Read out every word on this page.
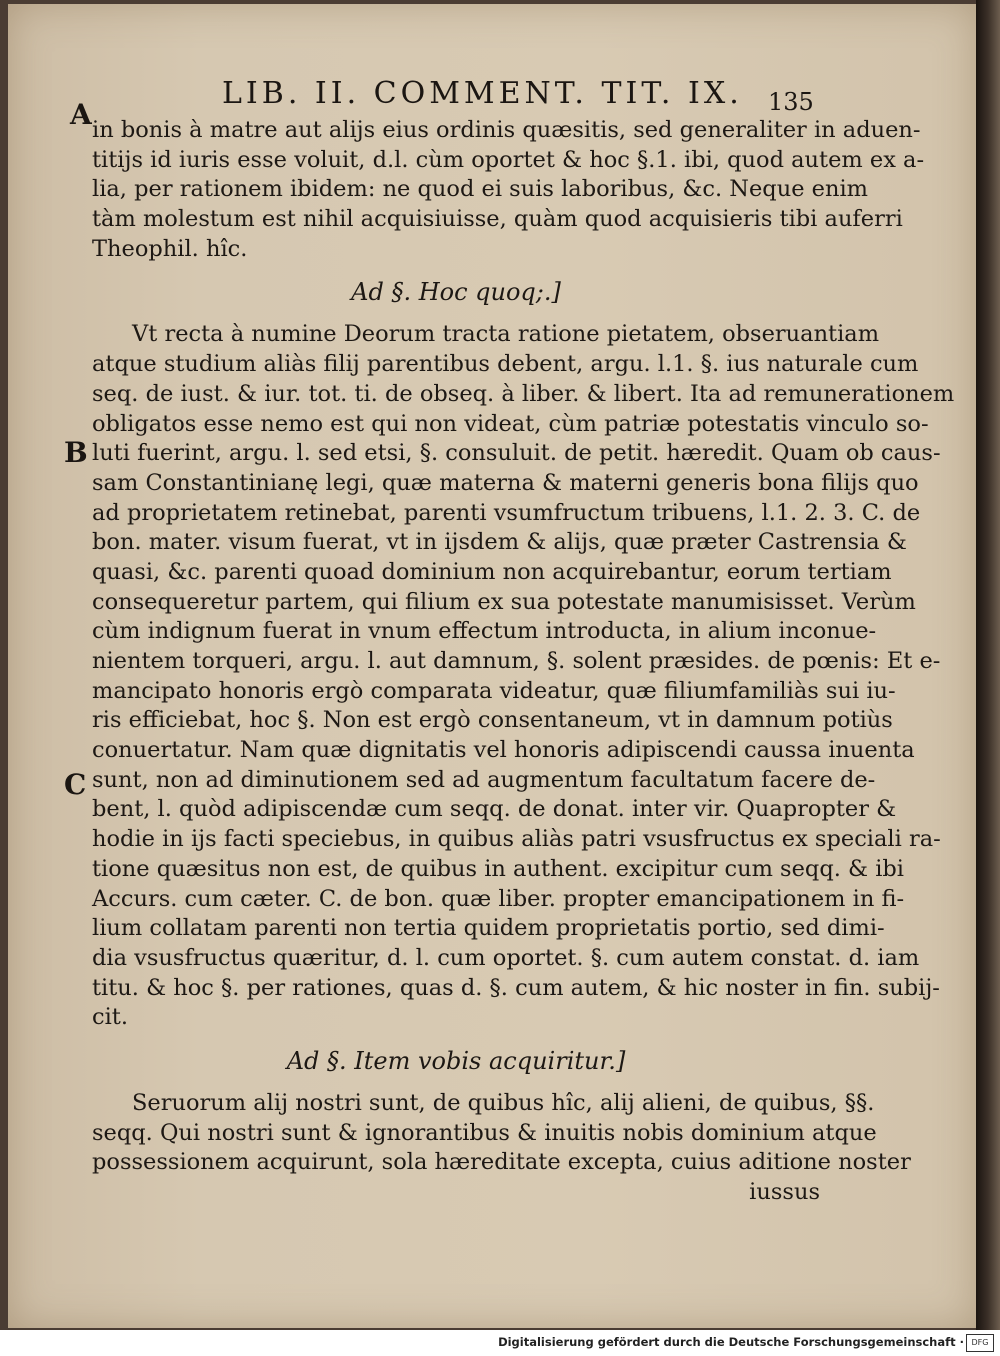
LIB. II. COMMENT. TIT. IX.	135
A
B
C
in bonis à matre aut alijs eius ordinis quæsitis, sed generaliter in aduen-
titijs id iuris esse voluit, d.l. cùm oportet & hoc §.1. ibi, quod autem ex a-
lia, per rationem ibidem: ne quod ei suis laboribus, &c. Neque enim
tàm molestum est nihil acquisiuisse, quàm quod acquisieris tibi auferri
Theophil. hîc.
Ad §. Hoc quoq;.]
Vt recta à numine Deorum tracta ratione pietatem, obseruantiam
atque studium aliàs filij parentibus debent, argu. l.1. §. ius naturale cum
seq. de iust. & iur. tot. ti. de obseq. à liber. & libert. Ita ad remunerationem
obligatos esse nemo est qui non videat, cùm patriæ potestatis vinculo so-
luti fuerint, argu. l. sed etsi, §. consuluit. de petit. hæredit. Quam ob caus-
sam Constantinianę legi, quæ materna & materni generis bona filijs quo
ad proprietatem retinebat, parenti vsumfructum tribuens, l.1. 2. 3. C. de
bon. mater. visum fuerat, vt in ijsdem & alijs, quæ præter Castrensia &
quasi, &c. parenti quoad dominium non acquirebantur, eorum tertiam
consequeretur partem, qui filium ex sua potestate manumisisset. Verùm
cùm indignum fuerat in vnum effectum introducta, in alium inconue-
nientem torqueri, argu. l. aut damnum, §. solent præsides. de pœnis: Et e-
mancipato honoris ergò comparata videatur, quæ filiumfamiliàs sui iu-
ris efficiebat, hoc §. Non est ergò consentaneum, vt in damnum potiùs
conuertatur. Nam quæ dignitatis vel honoris adipiscendi caussa inuenta
sunt, non ad diminutionem sed ad augmentum facultatum facere de-
bent, l. quòd adipiscendæ cum seqq. de donat. inter vir. Quapropter &
hodie in ijs facti speciebus, in quibus aliàs patri vsusfructus ex speciali ra-
tione quæsitus non est, de quibus in authent. excipitur cum seqq. & ibi
Accurs. cum cæter. C. de bon. quæ liber. propter emancipationem in fi-
lium collatam parenti non tertia quidem proprietatis portio, sed dimi-
dia vsusfructus quæritur, d. l. cum oportet. §. cum autem constat. d. iam
titu. & hoc §. per rationes, quas d. §. cum autem, & hic noster in fin. subij-
cit.
Ad §. Item vobis acquiritur.]
Seruorum alij nostri sunt, de quibus hîc, alij alieni, de quibus, §§.
seqq. Qui nostri sunt & ignorantibus & inuitis nobis dominium atque
possessionem acquirunt, sola hæreditate excepta, cuius aditione noster
iussus
Digitalisierung gefördert durch die Deutsche Forschungsgemeinschaft · DFG
